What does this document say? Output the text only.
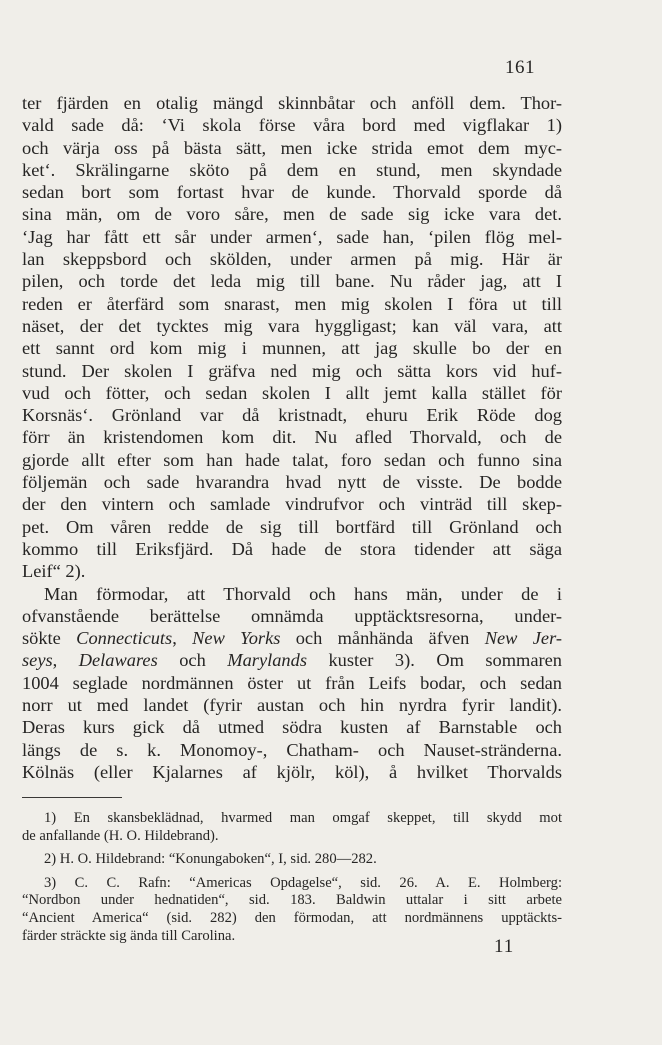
161
ter fjärden en otalig mängd skinnbåtar och anföll dem. Thor-
vald sade då: ‘Vi skola förse våra bord med vigflakar 1)
och värja oss på bästa sätt, men icke strida emot dem myc-
ket‘. Skrälingarne sköto på dem en stund, men skyndade
sedan bort som fortast hvar de kunde. Thorvald sporde då
sina män, om de voro såre, men de sade sig icke vara det.
‘Jag har fått ett sår under armen‘, sade han, ‘pilen flög mel-
lan skeppsbord och skölden, under armen på mig. Här är
pilen, och torde det leda mig till bane. Nu råder jag, att I
reden er återfärd som snarast, men mig skolen I föra ut till
näset, der det tycktes mig vara hyggligast; kan väl vara, att
ett sannt ord kom mig i munnen, att jag skulle bo der en
stund. Der skolen I gräfva ned mig och sätta kors vid huf-
vud och fötter, och sedan skolen I allt jemt kalla stället för
Korsnäs‘. Grönland var då kristnadt, ehuru Erik Röde dog
förr än kristendomen kom dit. Nu afled Thorvald, och de
gjorde allt efter som han hade talat, foro sedan och funno sina
följemän och sade hvarandra hvad nytt de visste. De bodde
der den vintern och samlade vindrufvor och vinträd till skep-
pet. Om våren redde de sig till bortfärd till Grönland och
kommo till Eriksfjärd. Då hade de stora tidender att säga
Leif“ 2).
Man förmodar, att Thorvald och hans män, under de i
ofvanstående berättelse omnämda upptäcktsresorna, under-
sökte Connecticuts, New Yorks och månhända äfven New Jer-
seys, Delawares och Marylands kuster 3). Om sommaren
1004 seglade nordmännen öster ut från Leifs bodar, och sedan
norr ut med landet (fyrir austan och hin nyrdra fyrir landit).
Deras kurs gick då utmed södra kusten af Barnstable och
längs de s. k. Monomoy-, Chatham- och Nauset-stränderna.
Kölnäs (eller Kjalarnes af kjölr, köl), å hvilket Thorvalds
1) En skansbeklädnad, hvarmed man omgaf skeppet, till skydd mot
de anfallande (H. O. Hildebrand).
2) H. O. Hildebrand: “Konungaboken“, I, sid. 280—282.
3) C. C. Rafn: “Americas Opdagelse“, sid. 26. A. E. Holmberg:
“Nordbon under hednatiden“, sid. 183. Baldwin uttalar i sitt arbete
“Ancient America“ (sid. 282) den förmodan, att nordmännens upptäckts-
färder sträckte sig ända till Carolina.
11
